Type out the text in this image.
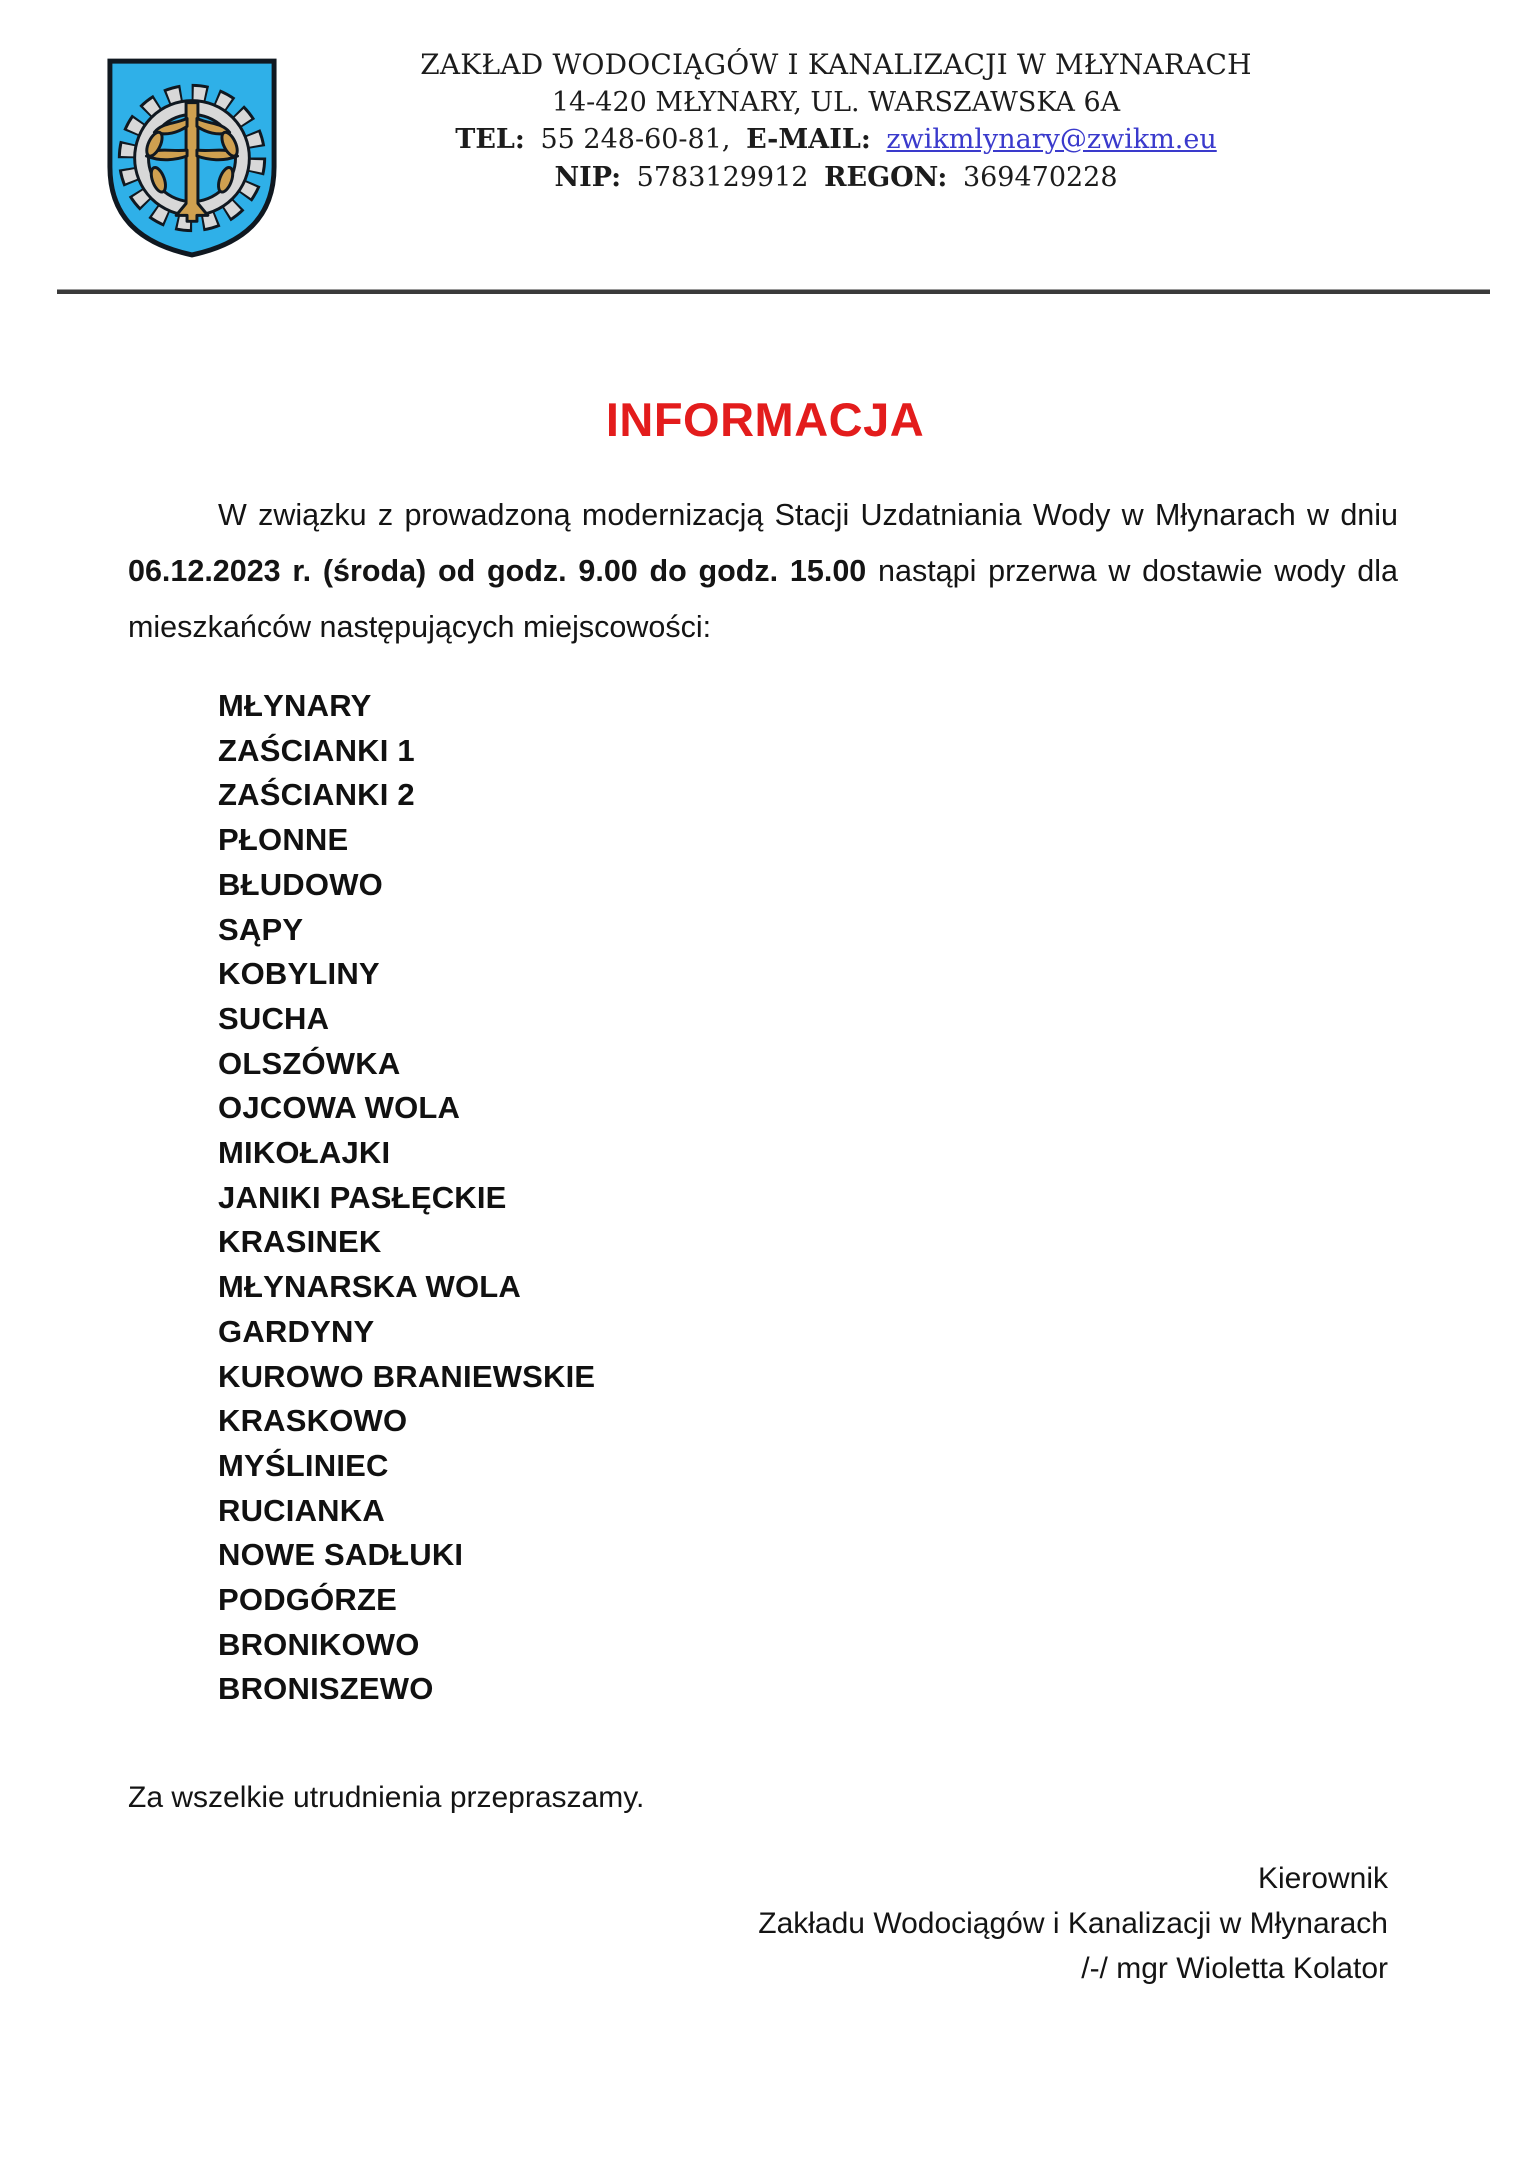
ZAKŁAD WODOCIĄGÓW I KANALIZACJI W MŁYNARACH
14-420 MŁYNARY, UL. WARSZAWSKA 6A
TEL: 55 248-60-81, E-MAIL: zwikmlynary@zwikm.eu
NIP: 5783129912 REGON: 369470228
INFORMACJA

W związku z prowadzoną modernizacją Stacji Uzdatniania Wody w Młynarach w dniu 06.12.2023 r. (środa) od godz. 9.00 do godz. 15.00 nastąpi przerwa w dostawie wody dla mieszkańców następujących miejscowości:

MŁYNARY
ZAŚCIANKI 1
ZAŚCIANKI 2
PŁONNE
BŁUDOWO
SĄPY
KOBYLINY
SUCHA
OLSZÓWKA
OJCOWA WOLA
MIKOŁAJKI
JANIKI PASŁĘCKIE
KRASINEK
MŁYNARSKA WOLA
GARDYNY
KUROWO BRANIEWSKIE
KRASKOWO
MYŚLINIEC
RUCIANKA
NOWE SADŁUKI
PODGÓRZE
BRONIKOWO
BRONISZEWO

Za wszelkie utrudnienia przepraszamy.

Kierownik
Zakładu Wodociągów i Kanalizacji w Młynarach
/-/ mgr Wioletta Kolator
